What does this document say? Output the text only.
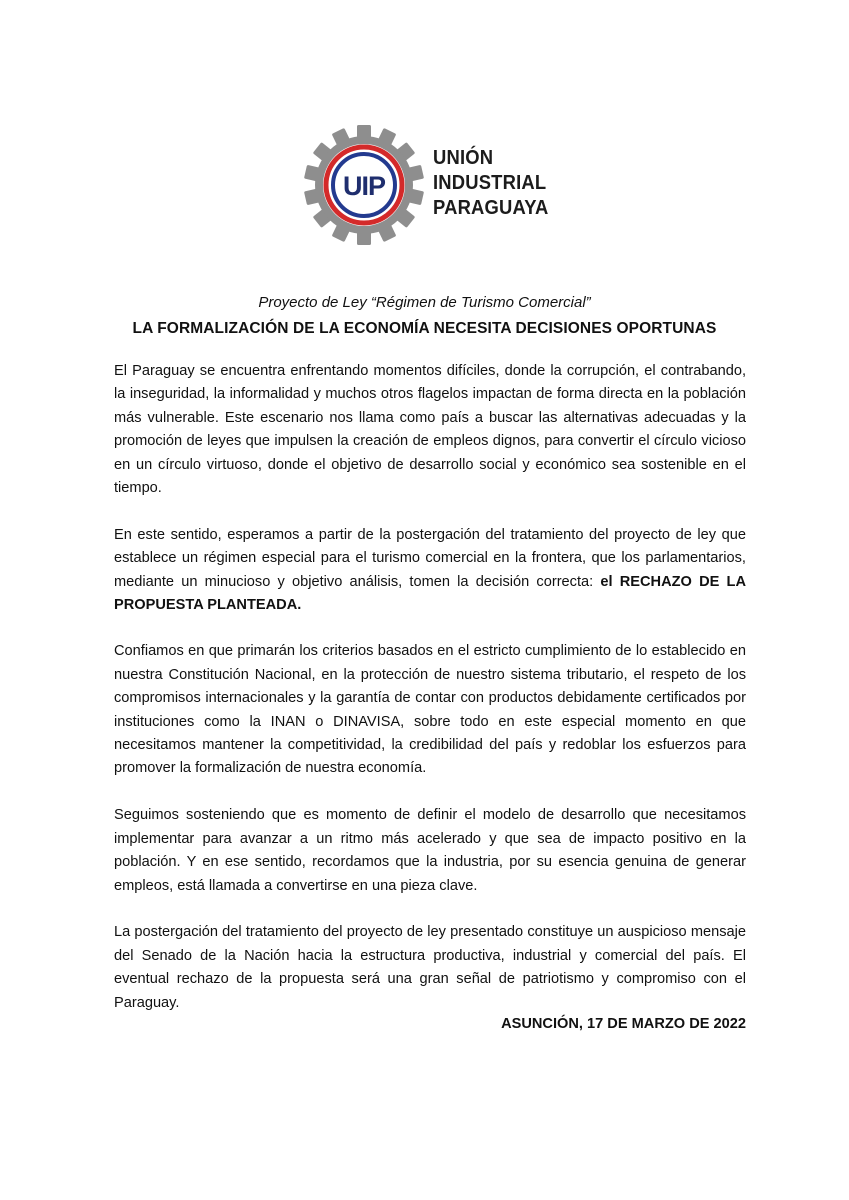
UIP
UNIÓN
INDUSTRIAL
PARAGUAYA
Proyecto de Ley “Régimen de Turismo Comercial”
LA FORMALIZACIÓN DE LA ECONOMÍA NECESITA DECISIONES OPORTUNAS

El Paraguay se encuentra enfrentando momentos difíciles, donde la corrupción, el contrabando, la inseguridad, la informalidad y muchos otros flagelos impactan de forma directa en la población más vulnerable. Este escenario nos llama como país a buscar las alternativas adecuadas y la promoción de leyes que impulsen la creación de empleos dignos, para convertir el círculo vicioso en un círculo virtuoso, donde el objetivo de desarrollo social y económico sea sostenible en el tiempo.

En este sentido, esperamos a partir de la postergación del tratamiento del proyecto de ley que establece un régimen especial para el turismo comercial en la frontera, que los parlamentarios, mediante un minucioso y objetivo análisis, tomen la decisión correcta: el RECHAZO DE LA PROPUESTA PLANTEADA.

Confiamos en que primarán los criterios basados en el estricto cumplimiento de lo establecido en nuestra Constitución Nacional, en la protección de nuestro sistema tributario, el respeto de los compromisos internacionales y la garantía de contar con productos debidamente certificados por instituciones como la INAN o DINAVISA, sobre todo en este especial momento en que necesitamos mantener la competitividad, la credibilidad del país y redoblar los esfuerzos para promover la formalización de nuestra economía.

Seguimos sosteniendo que es momento de definir el modelo de desarrollo que necesitamos implementar para avanzar a un ritmo más acelerado y que sea de impacto positivo en la población. Y en ese sentido, recordamos que la industria, por su esencia genuina de generar empleos, está llamada a convertirse en una pieza clave.

La postergación del tratamiento del proyecto de ley presentado constituye un auspicioso mensaje del Senado de la Nación hacia la estructura productiva, industrial y comercial del país. El eventual rechazo de la propuesta será una gran señal de patriotismo y compromiso con el Paraguay.

ASUNCIÓN, 17 DE MARZO DE 2022
